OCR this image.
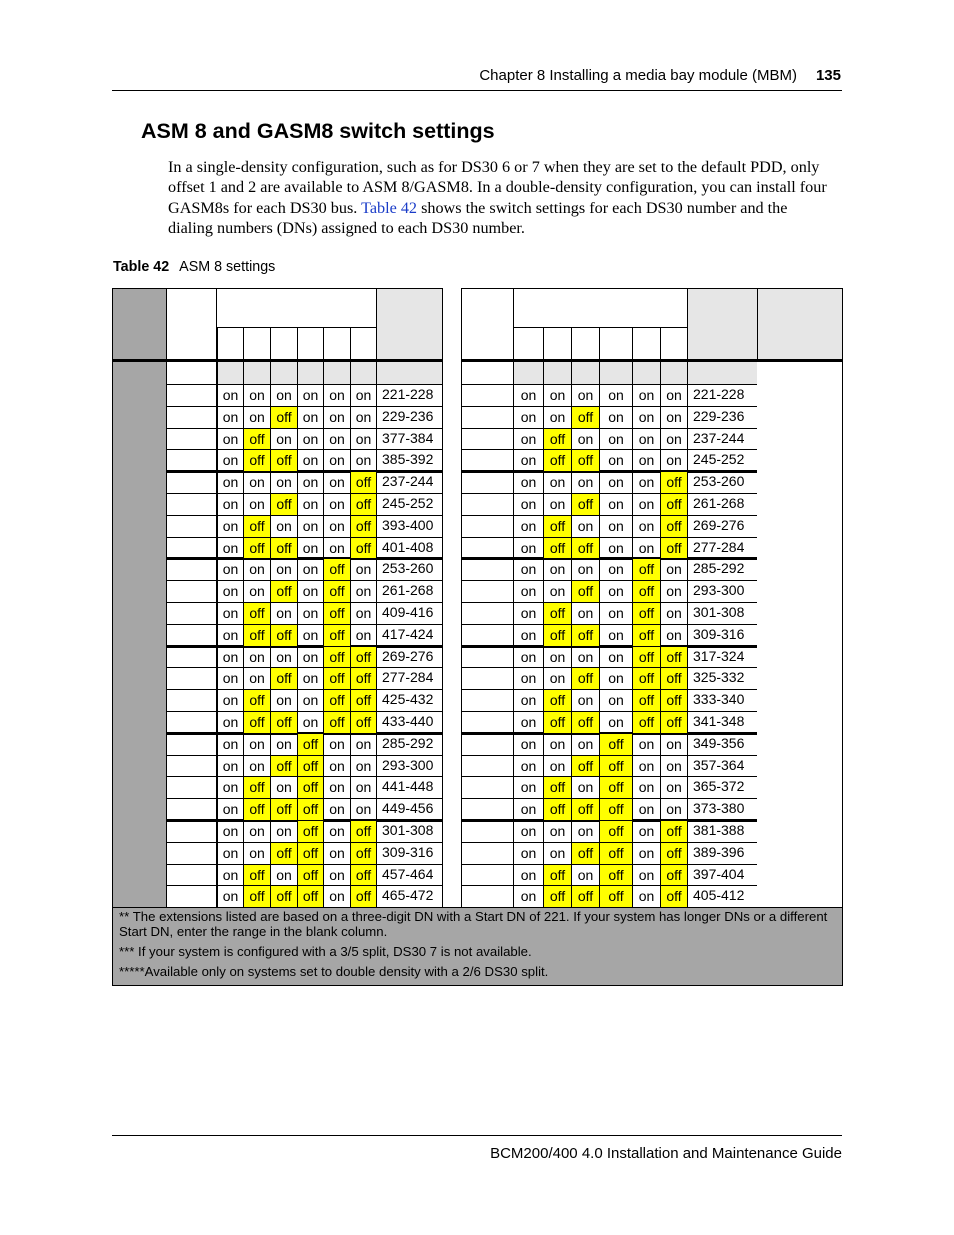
Chapter 8 Installing a media bay module (MBM) 135
ASM 8 and GASM8 switch settings

In a single-density configuration, such as for DS30 6 or 7 when they are set to the default PDD, only offset 1 and 2 are available to ASM 8/GASM8. In a double-density configuration, you can install four GASM8s for each DS30 bus. Table 42 shows the switch settings for each DS30 number and the dialing numbers (DNs) assigned to each DS30 number.

Table 42 ASM 8 settings
on on on on on on 221-228
on on off on on on 229-236
on off on on on on 377-384
on off off on on on 385-392
on on on on on off 237-244
on on off on on off 245-252
on off on on on off 393-400
on off off on on off 401-408
on on on on off on 253-260
on on off on off on 261-268
on off on on off on 409-416
on off off on off on 417-424
on on on on off off 269-276
on on off on off off 277-284
on off on on off off 425-432
on off off on off off 433-440
on on on off on on 285-292
on on off off on on 293-300
on off on off on on 441-448
on off off off on on 449-456
on on on off on off 301-308
on on off off on off 309-316
on off on off on off 457-464
on off off off on off 465-472
on on on	on	on on 221-228
on on off	on	on on 229-236
on off on	on	on on 237-244
on off off	on	on on 245-252
on on on	on	on off 253-260
on on off	on	on off 261-268
on off on	on	on off 269-276
on off off	on	on off 277-284
on on on	on	off on 285-292
on on off	on	off on 293-300
on off on	on	off on 301-308
on off off	on	off on 309-316
on on on	on	off off 317-324
on on off	on	off off 325-332
on off on	on	off off 333-340
on off off	on	off off 341-348
on on on	off	on on 349-356
on on off	off	on on 357-364
on off on	off	on on 365-372
on off off	off	on on 373-380
on on on	off	on off 381-388
on on off	off	on off 389-396
on off on	off	on off 397-404
on off off	off	on off 405-412

** The extensions listed are based on a three-digit DN with a Start DN of 221. If your system has longer DNs or a different Start DN, enter the range in the blank column.

*** If your system is configured with a 3/5 split, DS30 7 is not available.

*****Available only on systems set to double density with a 2/6 DS30 split.

BCM200/400 4.0 Installation and Maintenance Guide
